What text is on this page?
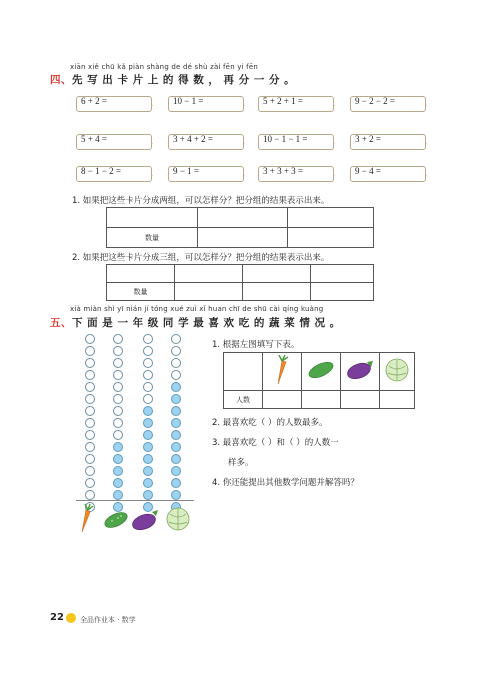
xiān xiě chū kǎ piàn shàng de dé shù zài fēn yi fēn
四、先 写 出 卡 片 上 的 得 数 ， 再 分 一 分 。
6 + 2 =	10 − 1 =	5 + 2 + 1 =	9 − 2 − 2 =
5 + 4 =	3 + 4 + 2 =	10 − 1 − 1 =	3 + 2 =
8 − 1 − 2 =	9 − 1 =	3 + 3 + 3 =	9 − 4 =
1. 如果把这些卡片分成两组，可以怎样分？把分组的结果表示出来。

数量		
2. 如果把这些卡片分成三组，可以怎样分？把分组的结果表示出来。

数量			
xià miàn shì yī nián jí tóng xué zuì xǐ huan chī de shū cài qíng kuàng
五、下 面 是 一 年 级 同 学 最 喜 欢 吃 的 蔬 菜 情 况 。
1. 根据左图填写下表。

人数				
2. 最喜欢吃（ ）的人数最多。
3. 最喜欢吃（ ）和（ ）的人数一
样多。
4. 你还能提出其他数学问题并解答吗？
22 全品作业本 · 数学
